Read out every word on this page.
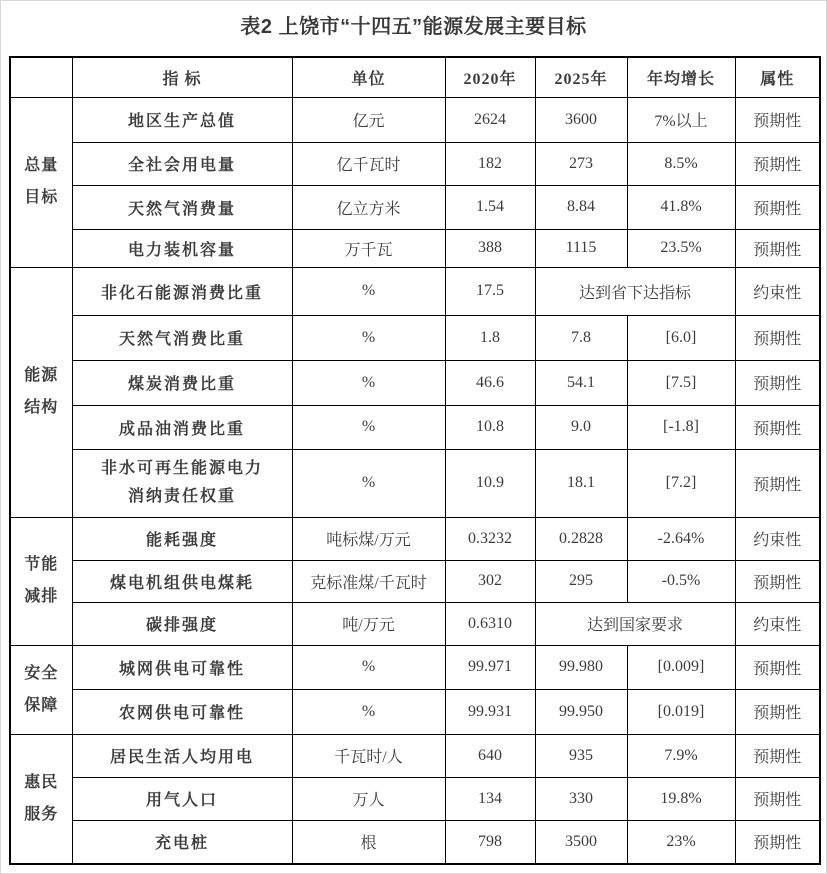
表2 上饶市“十四五”能源发展主要目标
	指 标	单位	2020年	2025年	年均增长	属性

总量
目标	地区生产总值	亿元	2624	3600	7%以上	预期性
	全社会用电量	亿千瓦时	182	273	8.5%	预期性
	天然气消费量	亿立方米	1.54	8.84	41.8%	预期性
	电力装机容量	万千瓦	388	1115	23.5%	预期性

能源
结构	非化石能源消费比重	%	17.5	达到省下达指标		约束性
	天然气消费比重	%	1.8	7.8	[6.0]	预期性
	煤炭消费比重	%	46.6	54.1	[7.5]	预期性
	成品油消费比重	%	10.8	9.0	[-1.8]	预期性

	非水可再生能源电力
消纳责任权重	%	10.9	18.1	[7.2]	预期性

节能
减排	能耗强度	吨标煤/万元	0.3232	0.2828	-2.64%	约束性
	煤电机组供电煤耗	克标准煤/千瓦时	302	295	-0.5%	预期性
	碳排强度	吨/万元	0.6310	达到国家要求		约束性

安全
保障	城网供电可靠性	%	99.971	99.980	[0.009]	预期性
	农网供电可靠性	%	99.931	99.950	[0.019]	预期性

惠民
服务	居民生活人均用电	千瓦时/人	640	935	7.9%	预期性
	用气人口	万人	134	330	19.8%	预期性
	充电桩	根	798	3500	23%	预期性
